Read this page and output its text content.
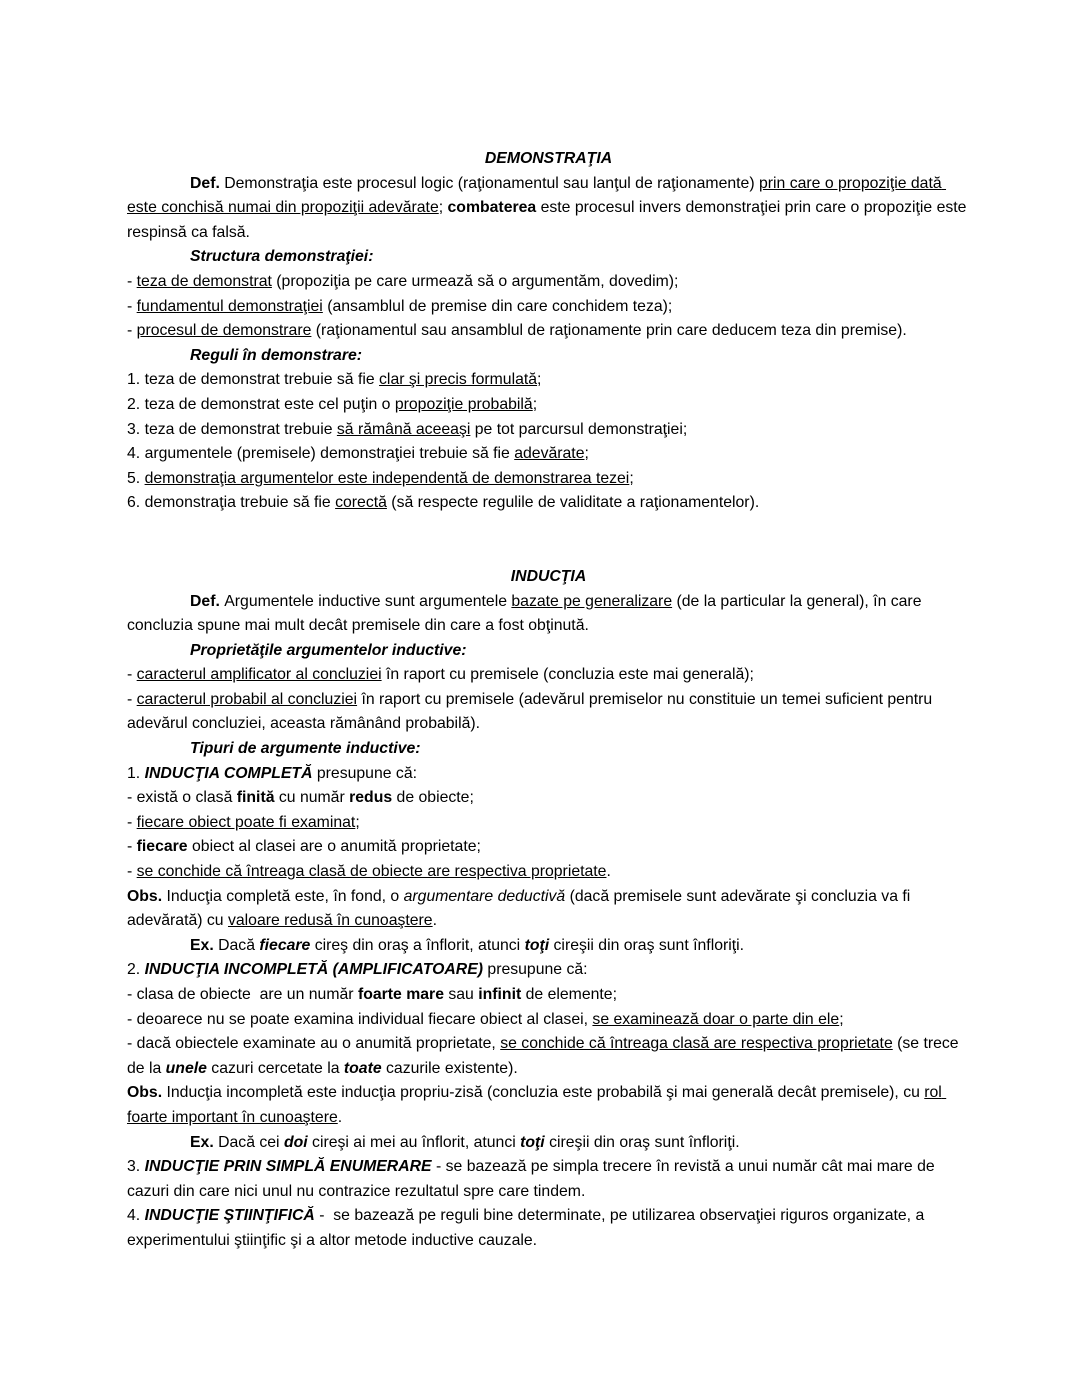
DEMONSTRAŢIA

Def. Demonstraţia este procesul logic (raţionamentul sau lanţul de raţionamente) prin care o propoziţie dată este conchisă numai din propoziţii adevărate; combaterea este procesul invers demonstraţiei prin care o propoziţie este respinsă ca falsă.

Structura demonstraţiei:

- teza de demonstrat (propoziţia pe care urmează să o argumentăm, dovedim);

- fundamentul demonstraţiei (ansamblul de premise din care conchidem teza);

- procesul de demonstrare (raţionamentul sau ansamblul de raţionamente prin care deducem teza din premise).

Reguli în demonstrare:

1. teza de demonstrat trebuie să fie clar şi precis formulată;

2. teza de demonstrat este cel puţin o propoziţie probabilă;

3. teza de demonstrat trebuie să rămână aceeaşi pe tot parcursul demonstraţiei;

4. argumentele (premisele) demonstraţiei trebuie să fie adevărate;

5. demonstraţia argumentelor este independentă de demonstrarea tezei;

6. demonstraţia trebuie să fie corectă (să respecte regulile de validitate a raţionamentelor).

INDUCŢIA

Def. Argumentele inductive sunt argumentele bazate pe generalizare (de la particular la general), în care concluzia spune mai mult decât premisele din care a fost obţinută.

Proprietăţile argumentelor inductive:

- caracterul amplificator al concluziei în raport cu premisele (concluzia este mai generală);

- caracterul probabil al concluziei în raport cu premisele (adevărul premiselor nu constituie un temei suficient pentru adevărul concluziei, aceasta rămânând probabilă).

Tipuri de argumente inductive:

1. INDUCŢIA COMPLETĂ presupune că:

- există o clasă finită cu număr redus de obiecte;

- fiecare obiect poate fi examinat;

- fiecare obiect al clasei are o anumită proprietate;

- se conchide că întreaga clasă de obiecte are respectiva proprietate.

Obs. Inducţia completă este, în fond, o argumentare deductivă (dacă premisele sunt adevărate şi concluzia va fi adevărată) cu valoare redusă în cunoaştere.

Ex. Dacă fiecare cireş din oraş a înflorit, atunci toţi cireşii din oraş sunt înfloriţi.

2. INDUCŢIA INCOMPLETĂ (AMPLIFICATOARE) presupune că:

- clasa de obiecte  are un număr foarte mare sau infinit de elemente;

- deoarece nu se poate examina individual fiecare obiect al clasei, se examinează doar o parte din ele;

- dacă obiectele examinate au o anumită proprietate, se conchide că întreaga clasă are respectiva proprietate (se trece de la unele cazuri cercetate la toate cazurile existente).

Obs. Inducţia incompletă este inducţia propriu-zisă (concluzia este probabilă şi mai generală decât premisele), cu rol foarte important în cunoaştere.

Ex. Dacă cei doi cireşi ai mei au înflorit, atunci toţi cireşii din oraş sunt înfloriţi.

3. INDUCŢIE PRIN SIMPLĂ ENUMERARE - se bazează pe simpla trecere în revistă a unui număr cât mai mare de cazuri din care nici unul nu contrazice rezultatul spre care tindem.

4. INDUCŢIE ŞTIINŢIFICĂ -  se bazează pe reguli bine determinate, pe utilizarea observaţiei riguros organizate, a experimentului ştiinţific şi a altor metode inductive cauzale.
